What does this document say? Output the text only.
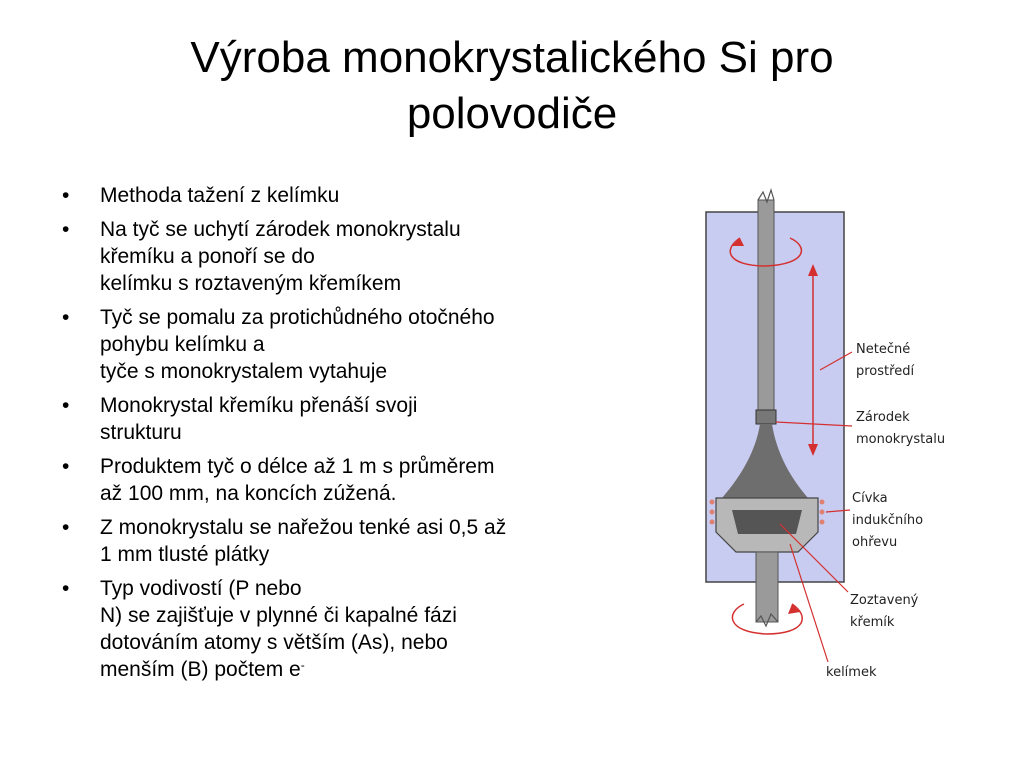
Výroba monokrystalického Si pro
polovodiče
•	Methoda tažení z kelímku
•	Na tyč se uchytí zárodek monokrystalu
křemíku a ponoří se do
kelímku s roztaveným křemíkem
•	Tyč se pomalu za protichůdného otočného
pohybu kelímku a
tyče s monokrystalem vytahuje
•	Monokrystal křemíku přenáší svoji
strukturu
•	Produktem tyč o délce až 1 m s průměrem
až 100 mm, na koncích zúžená.
•	Z monokrystalu se nařežou tenké asi 0,5 až
1 mm tlusté plátky
•	Typ vodivostí (P nebo
N) se zajišťuje v plynné či kapalné fázi
dotováním atomy s větším (As), nebo
menším (B) počtem e-
Netečné
prostředí
Zárodek
monokrystalu
Cívka
indukčního
ohřevu
Zoztavený
křemík
kelímek
